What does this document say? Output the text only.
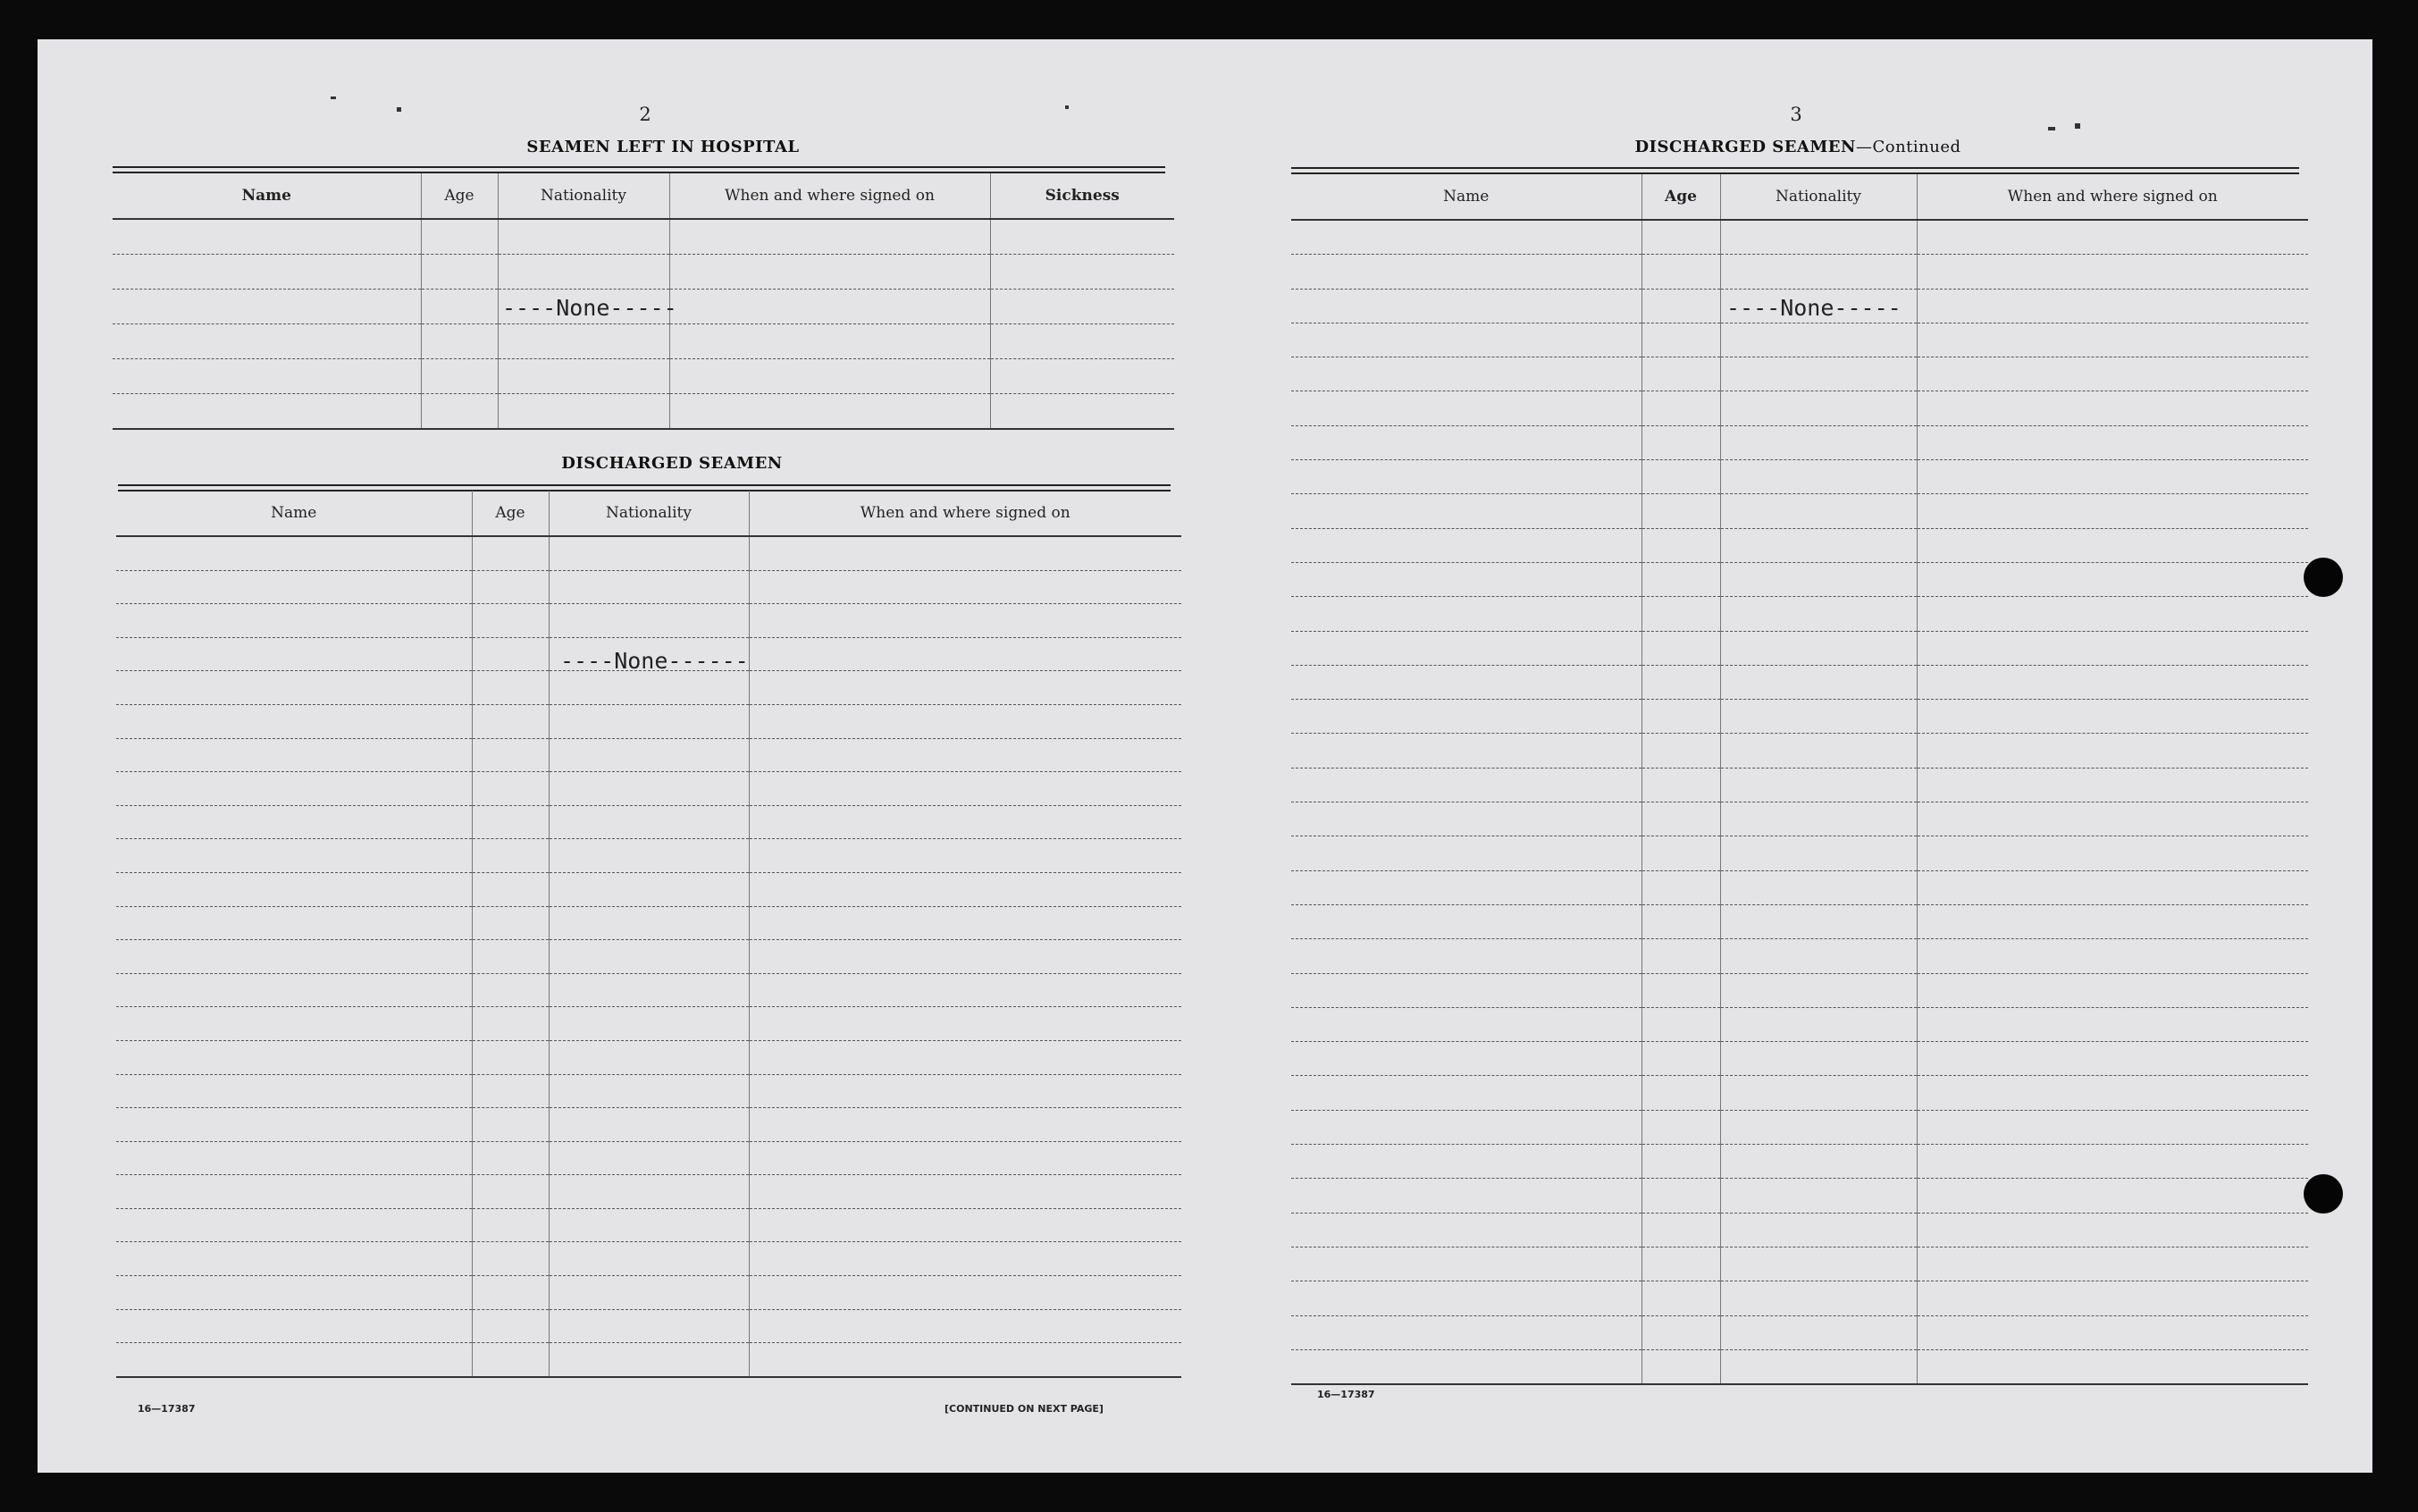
2
SEAMEN LEFT IN HOSPITAL
Name	Age	Nationality	When and where signed on	Sickness

----None-----
DISCHARGED SEAMEN
Name	Age	Nationality	When and where signed on

----None------
16—17387	[CONTINUED ON NEXT PAGE]
3
DISCHARGED SEAMEN—Continued
Name	Age	Nationality	When and where signed on

----None-----
16—17387
